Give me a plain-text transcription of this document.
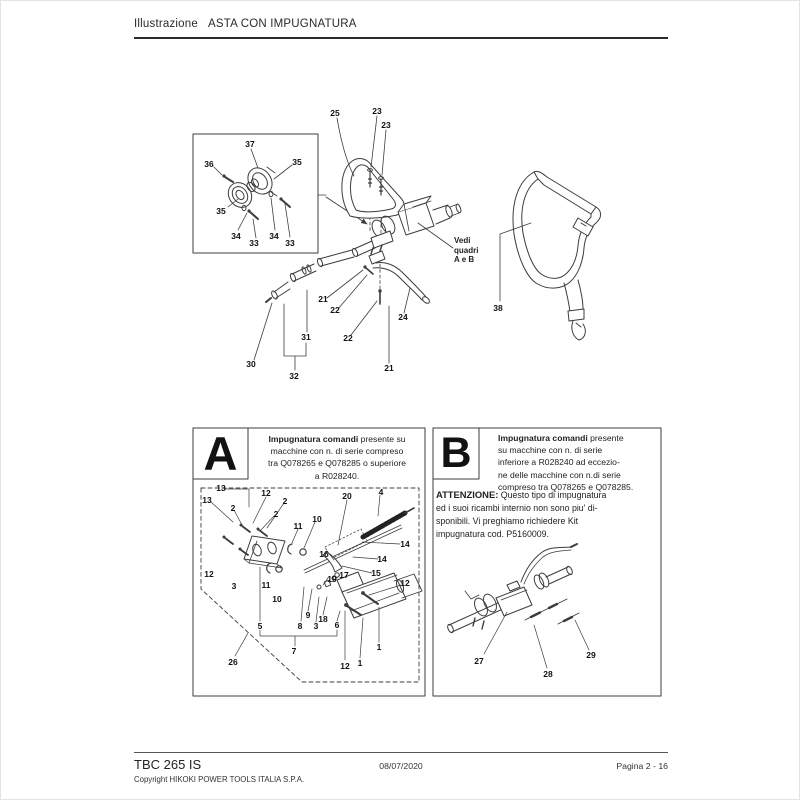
Illustrazione ASTA CON IMPUGNATURA
25	23
23
37
36	35
35
34
33
34
33
21
22
22
21
24
30
31
32
38
13
13
2
12
2
2
11
10
20	4
14
14
16
15
17
19	12
12
3	11
10
5	8
9
3
18
6
7
26	12 1
1
27
28
29
Vedi
quadri
A e B
A	B
Impugnatura comandi presente su
macchine con n. di serie compreso
tra Q078265 e Q078285 o superiore
a R028240.
Impugnatura comandi presente
su macchine con n. di serie
inferiore a R028240 ad eccezio-
ne delle macchine con n.di serie
compreso tra Q078265 e Q078285.
ATTENZIONE: Questo tipo di impugnatura
ed i suoi ricambi internio non sono piu' di-
sponibili. Vi preghiamo richiedere Kit
impugnatura cod. P5160009.
TBC 265 IS	08/07/2020	Pagina 2 - 16
Copyright HIKOKI POWER TOOLS ITALIA S.P.A.
